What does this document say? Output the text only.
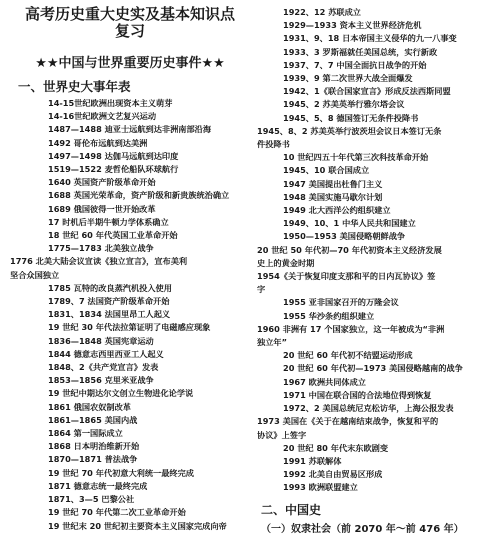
高考历史重大史实及基本知识点
复习
★★中国与世界重要历史事件★★
一、世界史大事年表
14-15世纪欧洲出现资本主义萌芽
14-16世纪欧洲文艺复兴运动
1487—1488 迪亚士远航到达非洲南部沿海
1492 哥伦布远航到达美洲
1497—1498 达伽马远航到达印度
1519—1522 麦哲伦船队环球航行
1640 英国资产阶级革命开始
1688 英国光荣革命，资产阶级和新贵族统治确立
1689 俄国彼得一世开始改革
17 时机后半期牛顿力学体系确立
18 世纪 60 年代英国工业革命开始
1775—1783 北美独立战争
1776 北美大陆会议宣读《独立宣言》，宣布美利
坚合众国独立
1785 瓦特的改良蒸汽机投入使用
1789、7 法国资产阶级革命开始
1831、1834 法国里昂工人起义
19 世纪 30 年代法拉第证明了电磁感应现象
1836—1848 英国宪章运动
1844 德意志西里西亚工人起义
1848、2《共产党宣言》发表
1853—1856 克里米亚战争
19 世纪中期达尔文创立生物进化论学说
1861 俄国农奴制改革
1861—1865 美国内战
1864 第一国际成立
1868 日本明治维新开始
1870—1871 普法战争
19 世纪 70 年代初意大利统一最终完成
1871 德意志统一最终完成
1871、3—5 巴黎公社
19 世纪 70 年代第二次工业革命开始
19 世纪末 20 世纪初主要资本主义国家完成向帝
1922、12 苏联成立
1929—1933 资本主义世界经济危机
1931、9、18 日本帝国主义侵华的九一八事变
1933、3 罗斯福就任美国总统，实行新政
1937、7、7 中国全面抗日战争的开始
1939、9 第二次世界大战全面爆发
1942、1《联合国家宣言》形成反法西斯同盟
1945、2 苏美英举行雅尔塔会议
1945、5、8 德国签订无条件投降书
1945、8、2 苏美英举行波茨坦会议日本签订无条
件投降书
10 世纪四五十年代第三次科技革命开始
1945、10 联合国成立
1947 美国提出杜鲁门主义
1948 美国实施马歇尔计划
1949 北大西洋公约组织建立
1949、10、1 中华人民共和国建立
1950—1953 美国侵略朝鲜战争
20 世纪 50 年代初—70 年代初资本主义经济发展
史上的黄金时期
1954《关于恢复印度支那和平的日内瓦协议》签
字
1955 亚非国家召开的万隆会议
1955 华沙条约组织建立
1960 非洲有 17 个国家独立，这一年被成为“非洲
独立年”
20 世纪 60 年代初不结盟运动形成
20 世纪 60 年代初—1973 美国侵略越南的战争
1967 欧洲共同体成立
1971 中国在联合国的合法地位得到恢复
1972、2 美国总统尼克松访华，上海公报发表
1973 美国在《关于在越南结束战争，恢复和平的
协议》上签字
20 世纪 80 年代末东欧剧变
1991 苏联解体
1992 北美自由贸易区形成
1993 欧洲联盟建立
二、中国史
（一）奴隶社会（前 2070 年～前 476 年）
